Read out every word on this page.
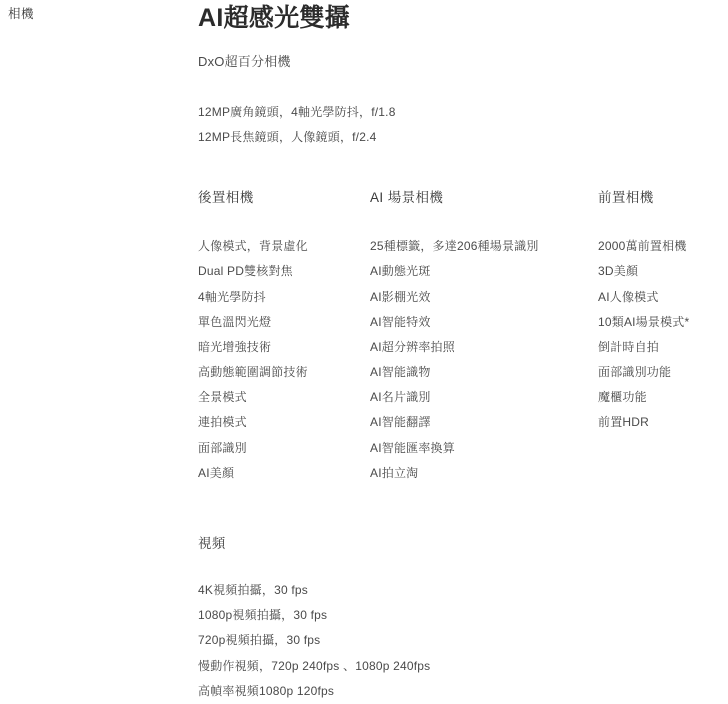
相機	AI超感光雙攝
DxO超百分相機
12MP廣角鏡頭，4軸光學防抖，f/1.8
12MP長焦鏡頭，人像鏡頭，f/2.4
後置相機
人像模式，背景虛化
Dual PD雙核對焦
4軸光學防抖
單色溫閃光燈
暗光增強技術
高動態範圍調節技術
全景模式
連拍模式
面部識別
AI美顏
AI 場景相機
25種標籤，多達206種場景識別
AI動態光斑
AI影棚光效
AI智能特效
AI超分辨率拍照
AI智能識物
AI名片識別
AI智能翻譯
AI智能匯率換算
AI拍立淘
前置相機
2000萬前置相機
3D美顏
AI人像模式
10類AI場景模式*
倒計時自拍
面部識別功能
魔櫃功能
前置HDR
視頻
4K視頻拍攝，30 fps
1080p視頻拍攝，30 fps
720p視頻拍攝，30 fps
慢動作視頻，720p 240fps 、1080p 240fps
高幀率視頻1080p 120fps
